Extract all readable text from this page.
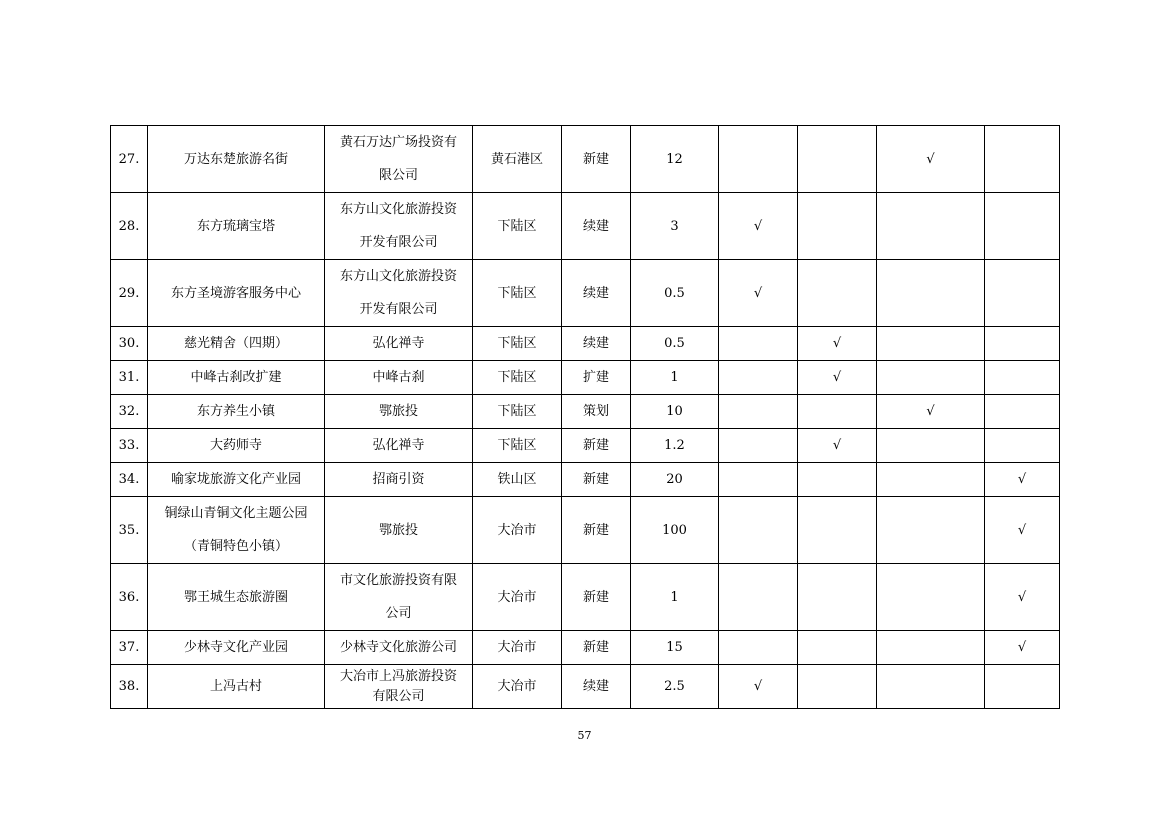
27.	万达东楚旅游名街	黄石万达广场投资有
限公司	黄石港区	新建	12			√	
28.	东方琉璃宝塔	东方山文化旅游投资
开发有限公司	下陆区	续建	3	√			
29.	东方圣境游客服务中心	东方山文化旅游投资
开发有限公司	下陆区	续建	0.5	√			
30.	慈光精舍（四期）	弘化禅寺	下陆区	续建	0.5		√		
31.	中峰古刹改扩建	中峰古刹	下陆区	扩建	1		√		
32.	东方养生小镇	鄂旅投	下陆区	策划	10			√	
33.	大药师寺	弘化禅寺	下陆区	新建	1.2		√		
34.	喻家垅旅游文化产业园	招商引资	铁山区	新建	20				√
35.	铜绿山青铜文化主题公园
（青铜特色小镇）	鄂旅投	大冶市	新建	100				√
36.	鄂王城生态旅游圈	市文化旅游投资有限
公司	大冶市	新建	1				√
37.	少林寺文化产业园	少林寺文化旅游公司	大冶市	新建	15				√
38.	上冯古村	大冶市上冯旅游投资
有限公司	大冶市	续建	2.5	√			
57
